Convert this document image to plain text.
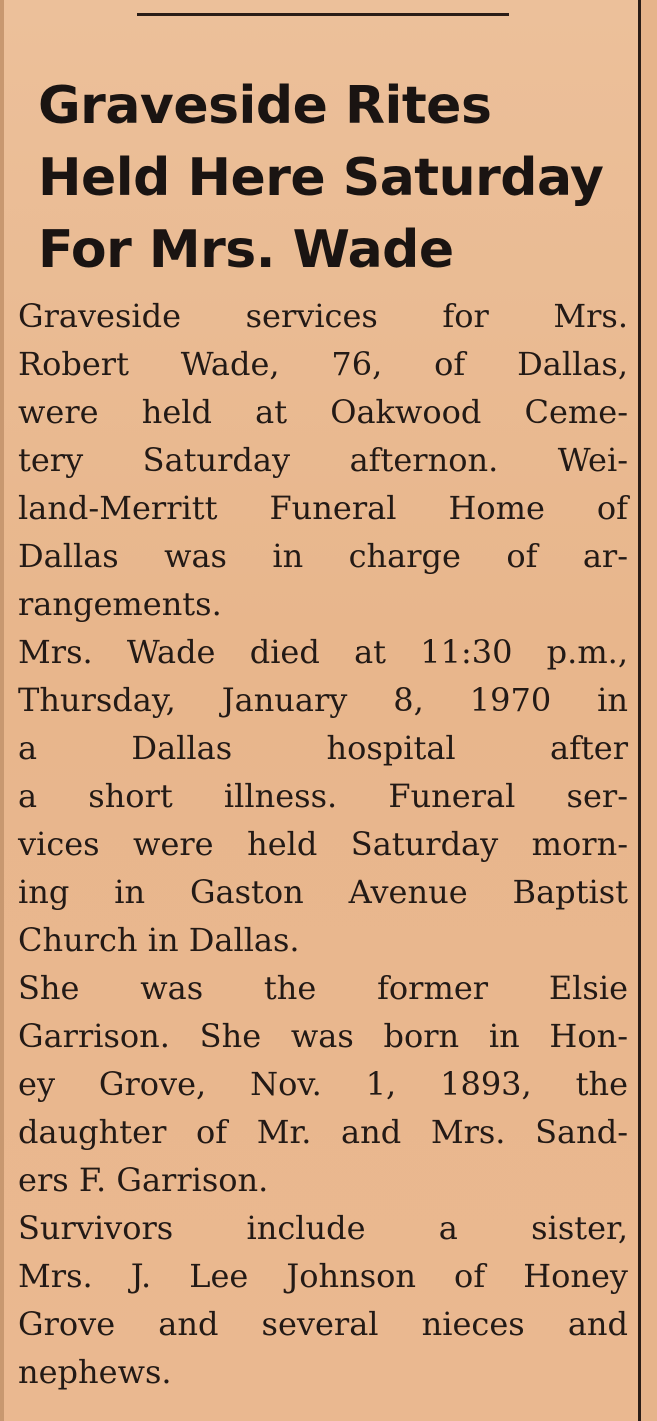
Graveside Rites
Held Here Saturday
For Mrs. Wade
Graveside services for Mrs.
Robert Wade, 76, of Dallas,
were held at Oakwood Ceme-
tery Saturday afternon. Wei-
land-Merritt Funeral Home of
Dallas was in charge of ar-
rangements.
Mrs. Wade died at 11:30 p.m.,
Thursday, January 8, 1970 in
a Dallas hospital after
a short illness. Funeral ser-
vices were held Saturday morn-
ing in Gaston Avenue Baptist
Church in Dallas.
She was the former Elsie
Garrison. She was born in Hon-
ey Grove, Nov. 1, 1893, the
daughter of Mr. and Mrs. Sand-
ers F. Garrison.
Survivors include a sister,
Mrs. J. Lee Johnson of Honey
Grove and several nieces and
nephews.
